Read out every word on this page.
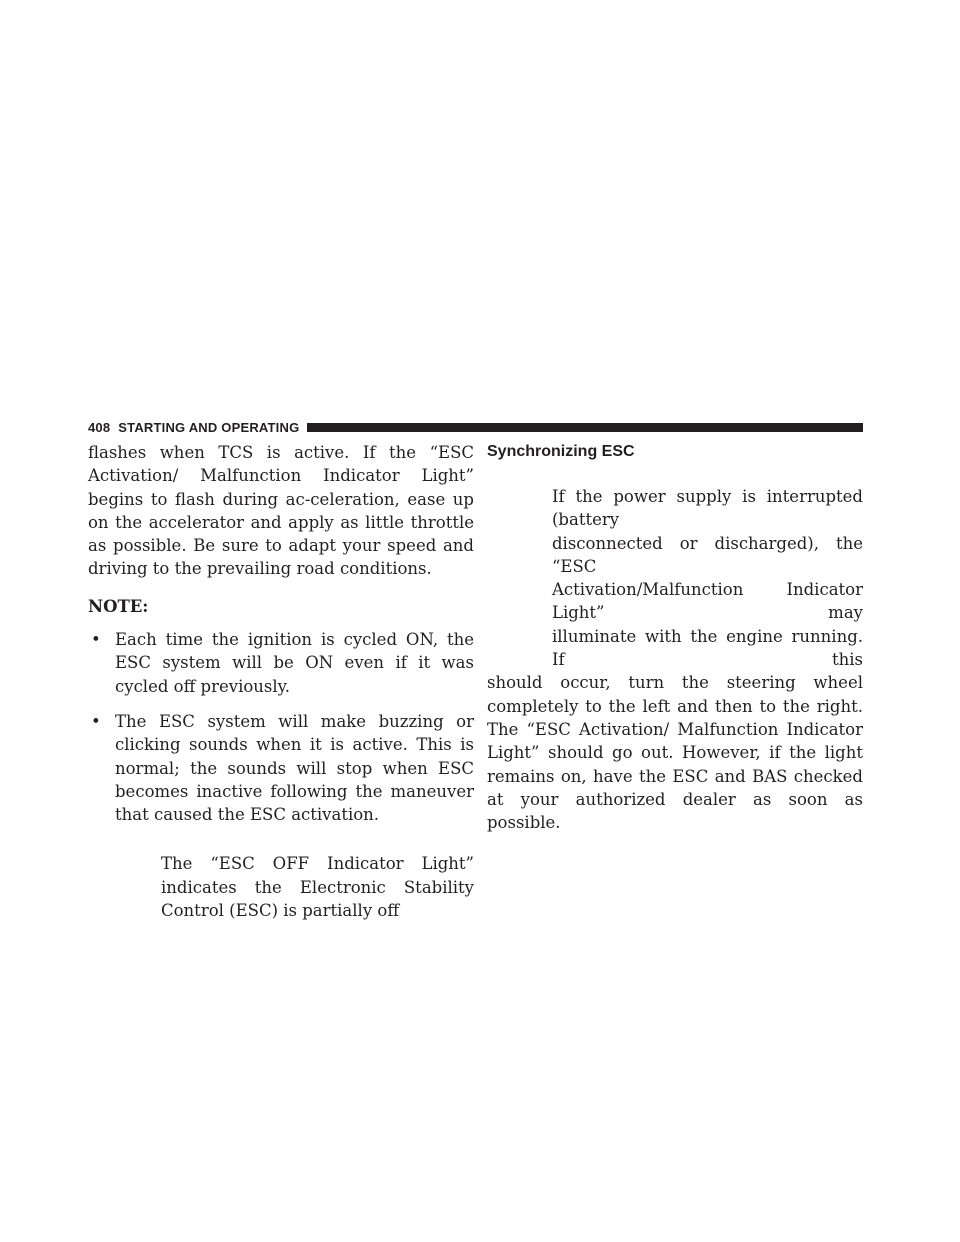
408 STARTING AND OPERATING

flashes when TCS is active. If the “ESC Activation/ Malfunction Indicator Light” begins to flash during ac-celeration, ease up on the accelerator and apply as little throttle as possible. Be sure to adapt your speed and driving to the prevailing road conditions.

NOTE:

• Each time the ignition is cycled ON, the ESC system will be ON even if it was cycled off previously.

• The ESC system will make buzzing or clicking sounds when it is active. This is normal; the sounds will stop when ESC becomes inactive following the maneuver that caused the ESC activation.

The “ESC OFF Indicator Light” indicates the Electronic Stability Control (ESC) is partially off

Synchronizing ESC

If the power supply is interrupted (battery

disconnected or discharged), the “ESC

Activation/Malfunction Indicator Light” may

illuminate with the engine running. If this

should occur, turn the steering wheel completely to the left and then to the right. The “ESC Activation/ Malfunction Indicator Light” should go out. However, if the light remains on, have the ESC and BAS checked at your authorized dealer as soon as possible.
